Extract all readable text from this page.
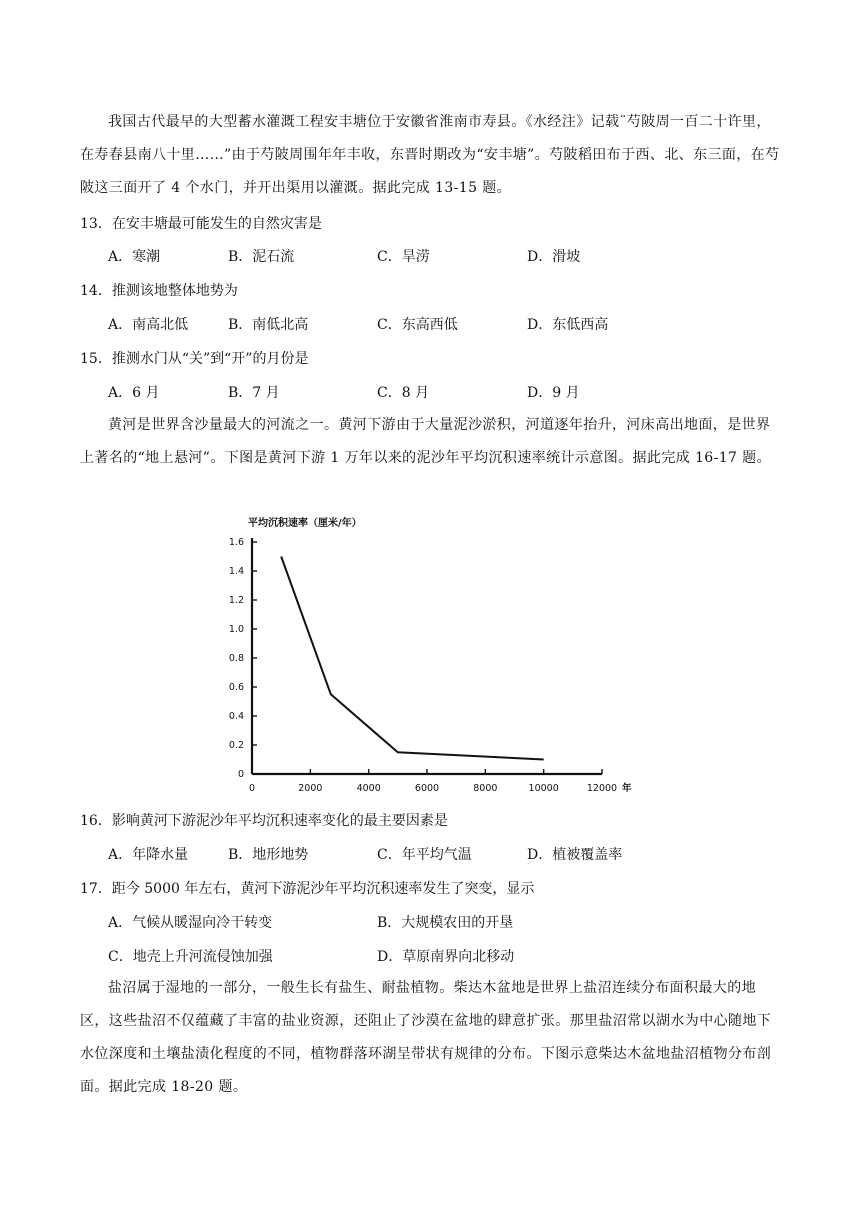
我国古代最早的大型蓄水灌溉工程安丰塘位于安徽省淮南市寿县。《水经注》记载¨芍陂周一百二十许里，在寿春县南八十里……”由于芍陂周围年年丰收，东晋时期改为“安丰塘”。芍陂稻田布于西、北、东三面，在芍陂这三面开了 4 个水门，并开出渠用以灌溉。据此完成 13-15 题。

13．在安丰塘最可能发生的自然灾害是
A．寒潮	B．泥石流	C．旱涝	D．滑坡
14．推测该地整体地势为
A．南高北低	B．南低北高	C．东高西低	D．东低西高
15．推测水门从“关”到“开”的月份是
A．6 月	B．7 月	C．8 月	D．9 月

黄河是世界含沙量最大的河流之一。黄河下游由于大量泥沙淤积，河道逐年抬升，河床高出地面，是世界上著名的“地上悬河”。下图是黄河下游 1 万年以来的泥沙年平均沉积速率统计示意图。据此完成 16-17 题。

平均沉积速率（厘米/年）
0
0.2
0.4
0.6
0.8
1.0
1.2
1.4
1.6
0	2000	4000	6000	8000	10000	12000 年
16．影响黄河下游泥沙年平均沉积速率变化的最主要因素是
A．年降水量	B．地形地势	C．年平均气温	D．植被覆盖率
17．距今 5000 年左右，黄河下游泥沙年平均沉积速率发生了突变，显示
A．气候从暖湿向冷干转变	B．大规模农田的开垦
C．地壳上升河流侵蚀加强	D．草原南界向北移动

盐沼属于湿地的一部分，一般生长有盐生、耐盐植物。柴达木盆地是世界上盐沼连续分布面积最大的地区，这些盐沼不仅蕴藏了丰富的盐业资源，还阻止了沙漠在盆地的肆意扩张。那里盐沼常以湖水为中心随地下水位深度和土壤盐渍化程度的不同，植物群落环湖呈带状有规律的分布。下图示意柴达木盆地盐沼植物分布剖面。据此完成 18-20 题。
